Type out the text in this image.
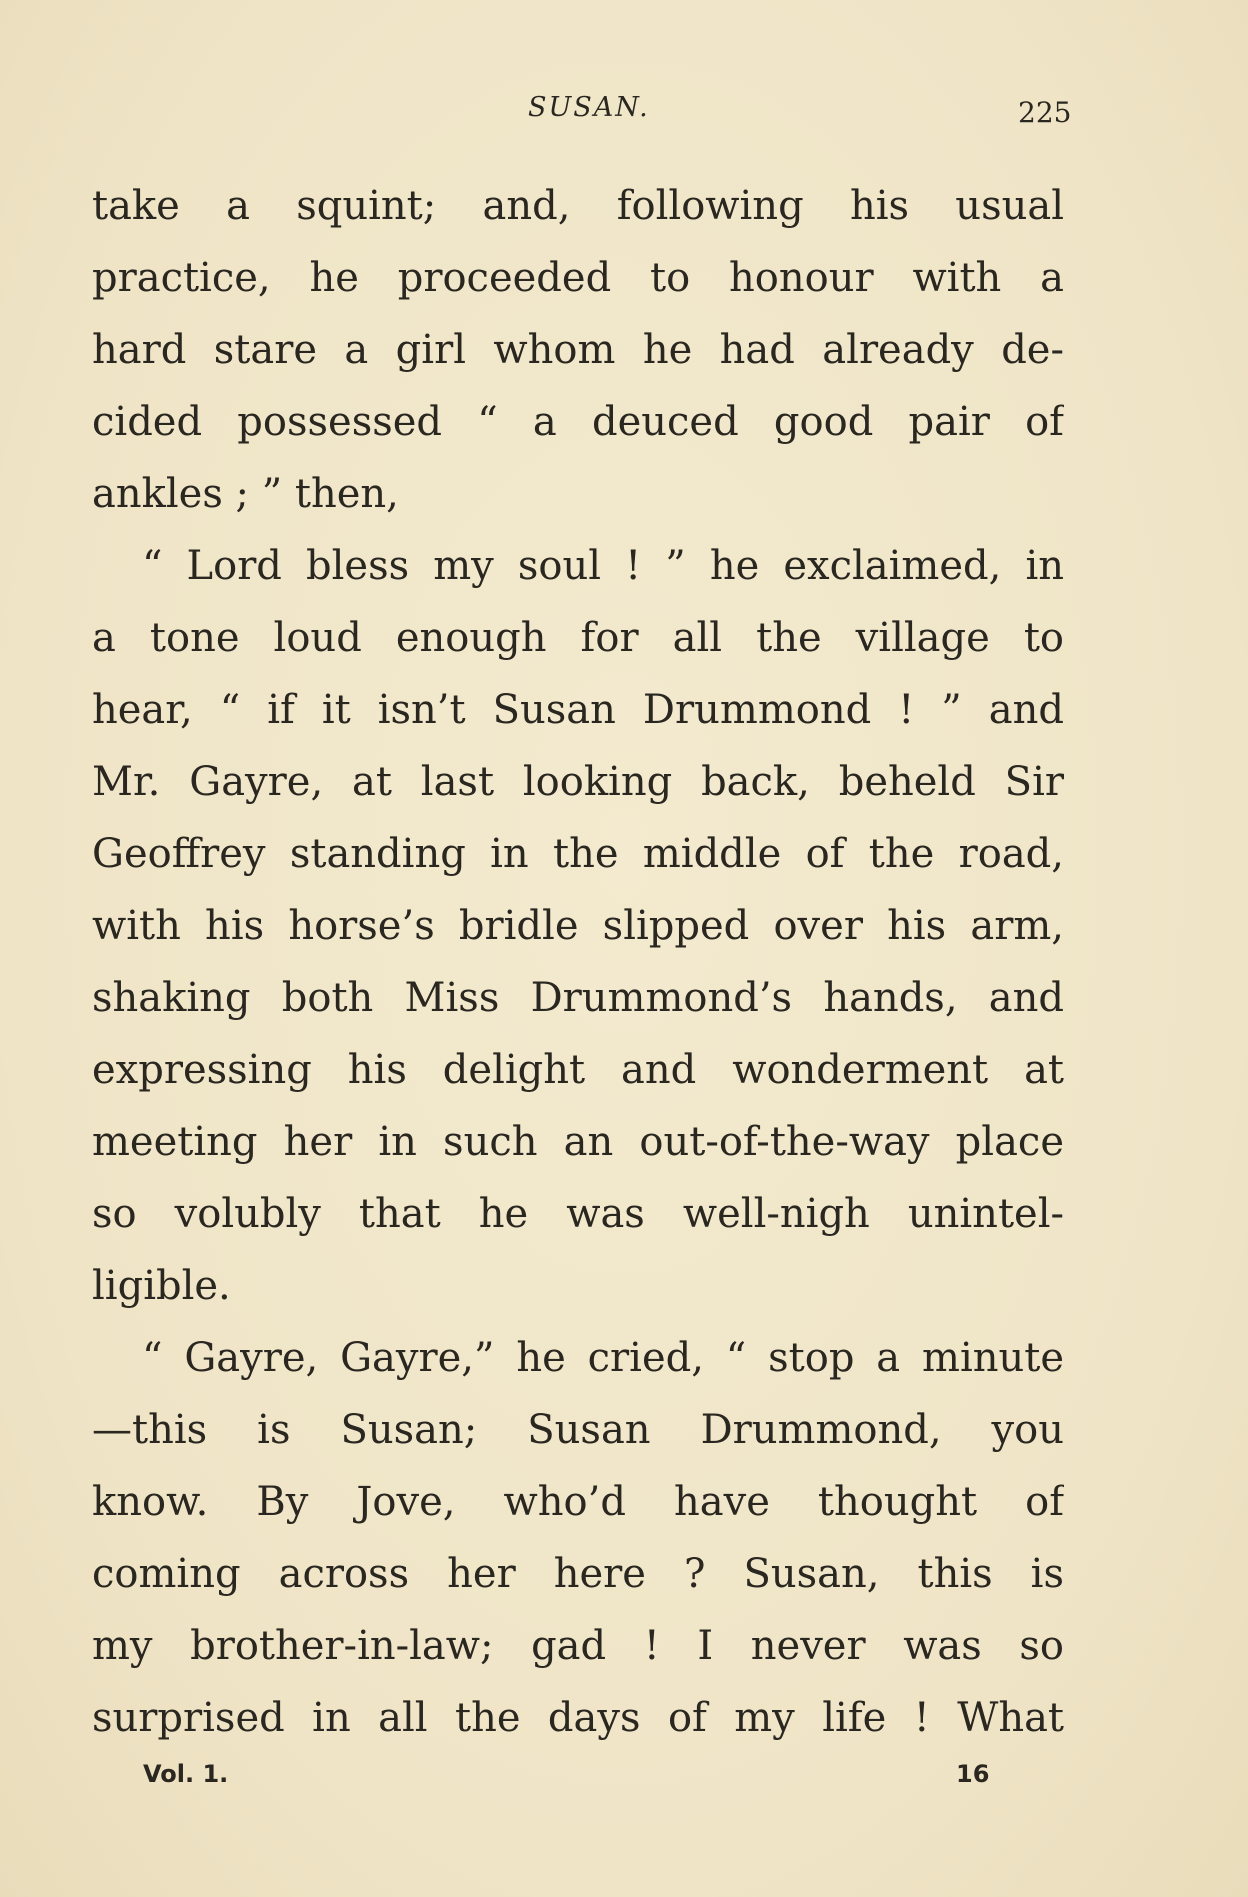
SUSAN.	225
take a squint; and, following his usual
practice, he proceeded to honour with a
hard stare a girl whom he had already de-
cided possessed “ a deuced good pair of
ankles ; ” then,
“ Lord bless my soul ! ” he exclaimed, in
a tone loud enough for all the village to
hear, “ if it isn’t Susan Drummond ! ” and
Mr. Gayre, at last looking back, beheld Sir
Geoffrey standing in the middle of the road,
with his horse’s bridle slipped over his arm,
shaking both Miss Drummond’s hands, and
expressing his delight and wonderment at
meeting her in such an out-of-the-way place
so volubly that he was well-nigh unintel-
ligible.
“ Gayre, Gayre,” he cried, “ stop a minute
—this is Susan; Susan Drummond, you
know. By Jove, who’d have thought of
coming across her here ? Susan, this is
my brother-in-law; gad ! I never was so
surprised in all the days of my life ! What
Vol. 1.	16
